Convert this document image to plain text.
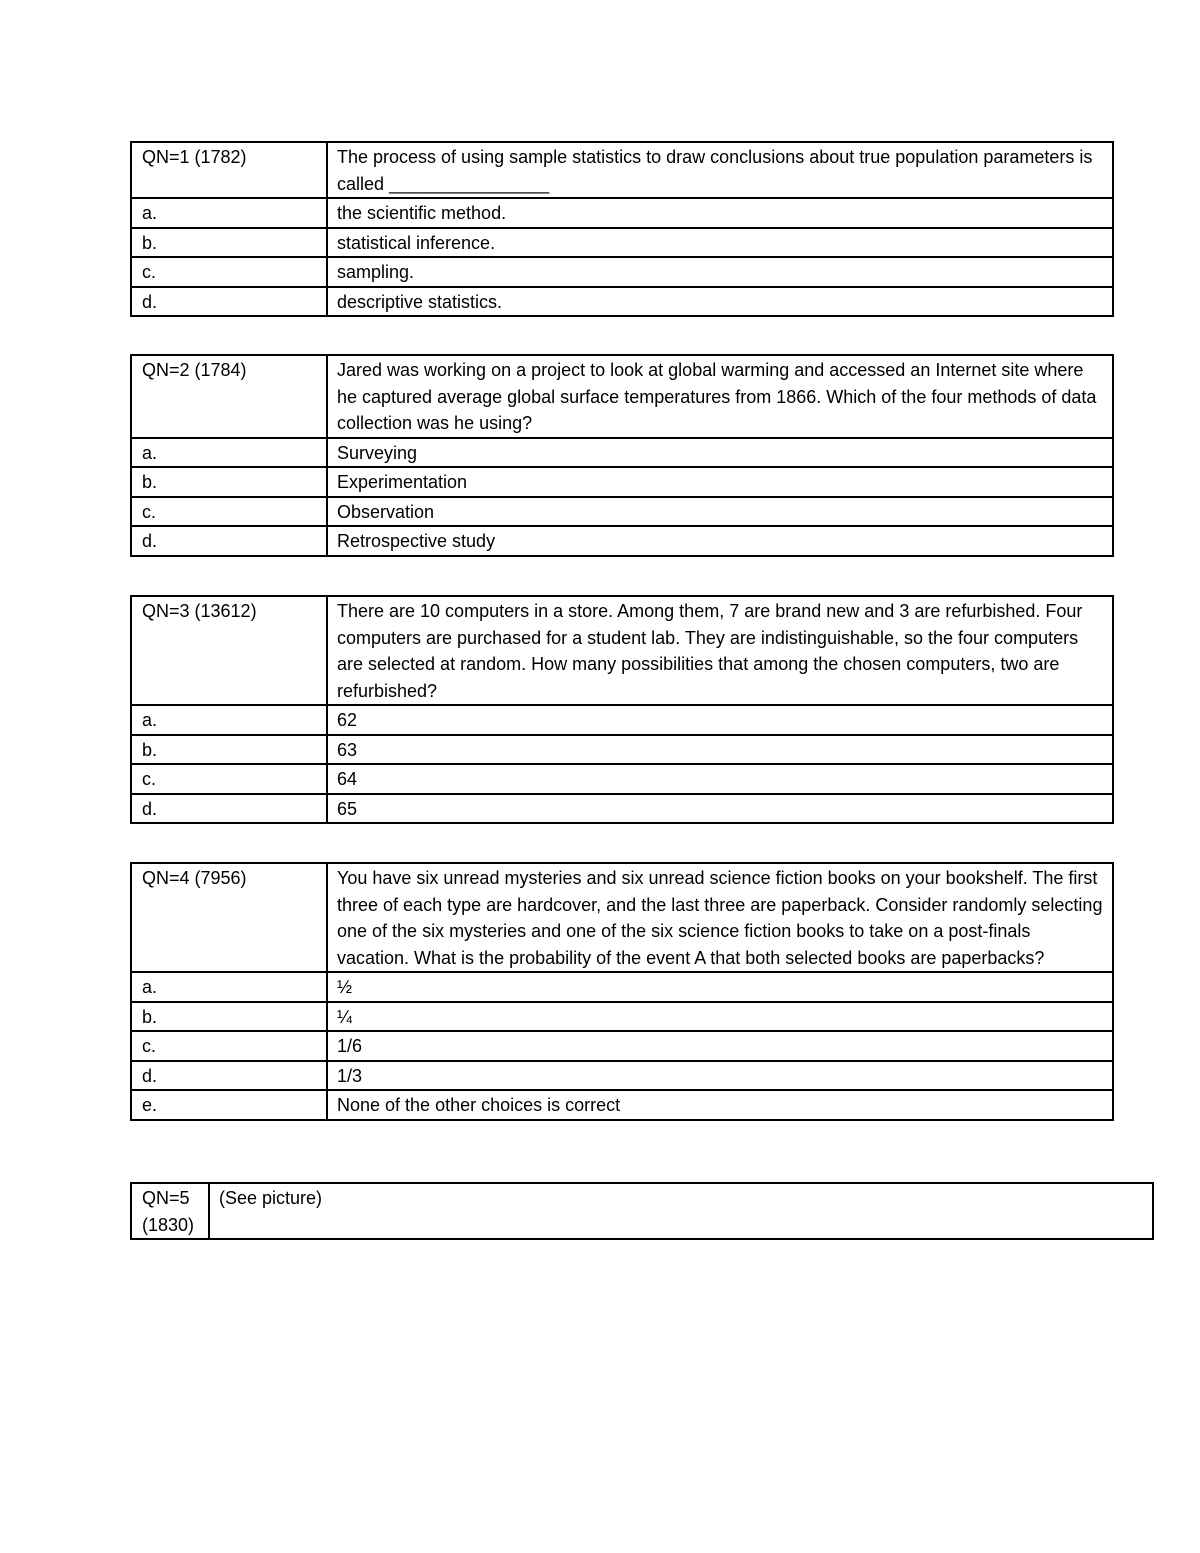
QN=1 (1782)	The process of using sample statistics to draw conclusions about true population parameters is called ________________
a.	the scientific method.
b.	statistical inference.
c.	sampling.
d.	descriptive statistics.
QN=2 (1784)	Jared was working on a project to look at global warming and accessed an Internet site where he captured average global surface temperatures from 1866. Which of the four methods of data collection was he using?
a.	Surveying
b.	Experimentation
c.	Observation
d.	Retrospective study
QN=3 (13612)	There are 10 computers in a store. Among them, 7 are brand new and 3 are refurbished. Four computers are purchased for a student lab. They are indistinguishable, so the four computers are selected at random. How many possibilities that among the chosen computers, two are refurbished?
a.	62
b.	63
c.	64
d.	65
QN=4 (7956)	You have six unread mysteries and six unread science fiction books on your bookshelf. The first three of each type are hardcover, and the last three are paperback. Consider randomly selecting one of the six mysteries and one of the six science fiction books to take on a post-finals vacation. What is the probability of the event A that both selected books are paperbacks?
a.	½
b.	¼
c.	1/6
d.	1/3
e.	None of the other choices is correct
QN=5 (1830)	(See picture)
